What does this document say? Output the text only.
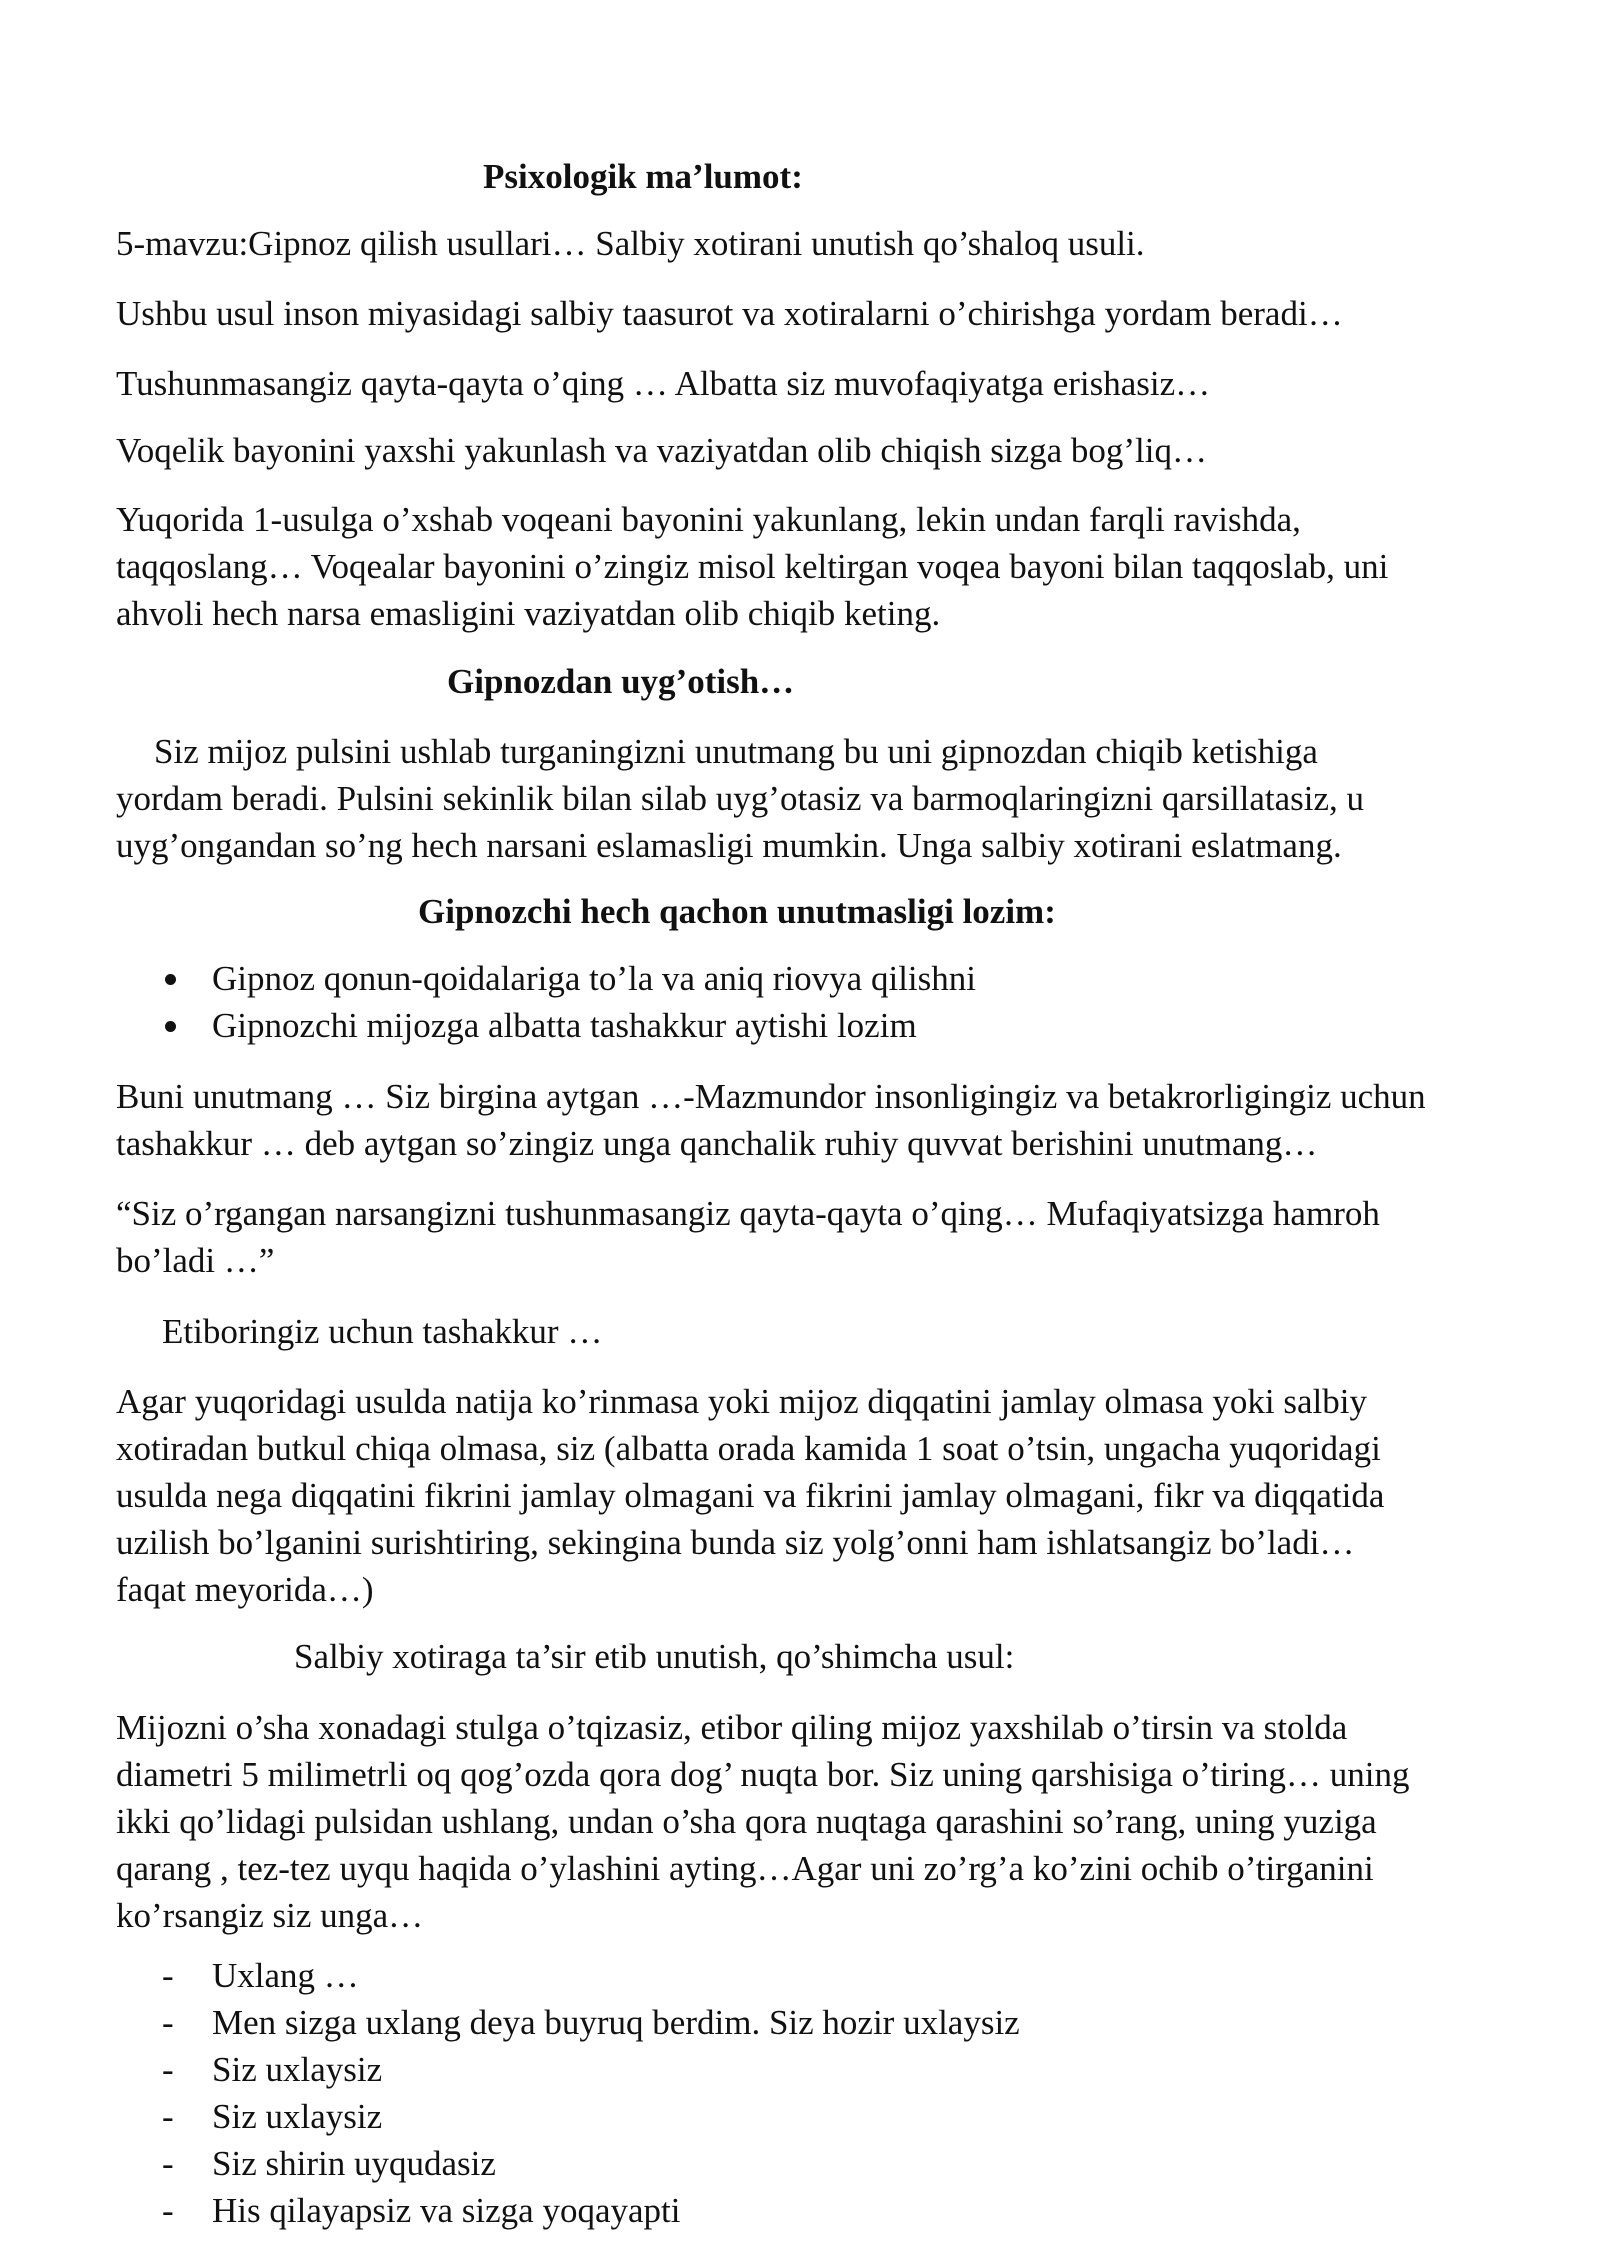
Psixologik ma’lumot:

5-mavzu:Gipnoz qilish usullari… Salbiy xotirani unutish qo’shaloq usuli.

Ushbu usul inson miyasidagi salbiy taasurot va xotiralarni o’chirishga yordam beradi…

Tushunmasangiz qayta-qayta o’qing … Albatta siz muvofaqiyatga erishasiz…

Voqelik bayonini yaxshi yakunlash va vaziyatdan olib chiqish sizga bog’liq…

Yuqorida 1-usulga o’xshab voqeani bayonini yakunlang, lekin undan farqli ravishda,
taqqoslang… Voqealar bayonini o’zingiz misol keltirgan voqea bayoni bilan taqqoslab, uni
ahvoli hech narsa emasligini vaziyatdan olib chiqib keting.

Gipnozdan uyg’otish…

Siz mijoz pulsini ushlab turganingizni unutmang bu uni gipnozdan chiqib ketishiga
yordam beradi. Pulsini sekinlik bilan silab uyg’otasiz va barmoqlaringizni qarsillatasiz, u
uyg’ongandan so’ng hech narsani eslamasligi mumkin. Unga salbiy xotirani eslatmang.

Gipnozchi hech qachon unutmasligi lozim:

Gipnoz qonun-qoidalariga to’la va aniq riovya qilishni
Gipnozchi mijozga albatta tashakkur aytishi lozim
Buni unutmang … Siz birgina aytgan …-Mazmundor insonligingiz va betakrorligingiz uchun
tashakkur … deb aytgan so’zingiz unga qanchalik ruhiy quvvat berishini unutmang…
“Siz o’rgangan narsangizni tushunmasangiz qayta-qayta o’qing… Mufaqiyatsizga hamroh
bo’ladi …”

Etiboringiz uchun tashakkur …

Agar yuqoridagi usulda natija ko’rinmasa yoki mijoz diqqatini jamlay olmasa yoki salbiy
xotiradan butkul chiqa olmasa, siz (albatta orada kamida 1 soat o’tsin, ungacha yuqoridagi
usulda nega diqqatini fikrini jamlay olmagani va fikrini jamlay olmagani, fikr va diqqatida
uzilish bo’lganini surishtiring, sekingina bunda siz yolg’onni ham ishlatsangiz bo’ladi…
faqat meyorida…)

Salbiy xotiraga ta’sir etib unutish, qo’shimcha usul:

Mijozni o’sha xonadagi stulga o’tqizasiz, etibor qiling mijoz yaxshilab o’tirsin va stolda
diametri 5 milimetrli oq qog’ozda qora dog’ nuqta bor. Siz uning qarshisiga o’tiring… uning
ikki qo’lidagi pulsidan ushlang, undan o’sha qora nuqtaga qarashini so’rang, uning yuziga
qarang , tez-tez uyqu haqida o’ylashini ayting…Agar uni zo’rg’a ko’zini ochib o’tirganini
ko’rsangiz siz unga…
- Uxlang …
- Men sizga uxlang deya buyruq berdim. Siz hozir uxlaysiz
- Siz uxlaysiz
- Siz uxlaysiz
- Siz shirin uyqudasiz
- His qilayapsiz va sizga yoqayapti
